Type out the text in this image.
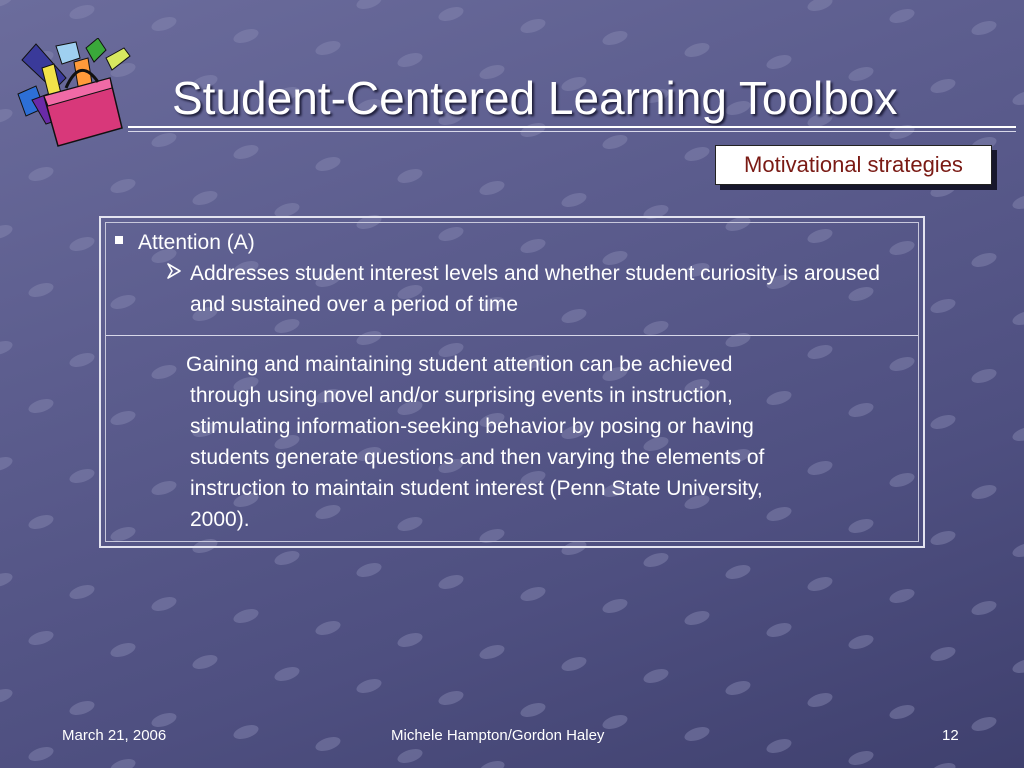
Student-Centered Learning Toolbox
Motivational strategies

Attention (A)

Addresses student interest levels and whether student curiosity is aroused and sustained over a period of time

Gaining and maintaining student attention can be achieved
through using novel and/or surprising events in instruction,
stimulating information-seeking behavior by posing or having
students generate questions and then varying the elements of
instruction to maintain student interest (Penn State University,
2000).

March 21, 2006	Michele Hampton/Gordon Haley	12
